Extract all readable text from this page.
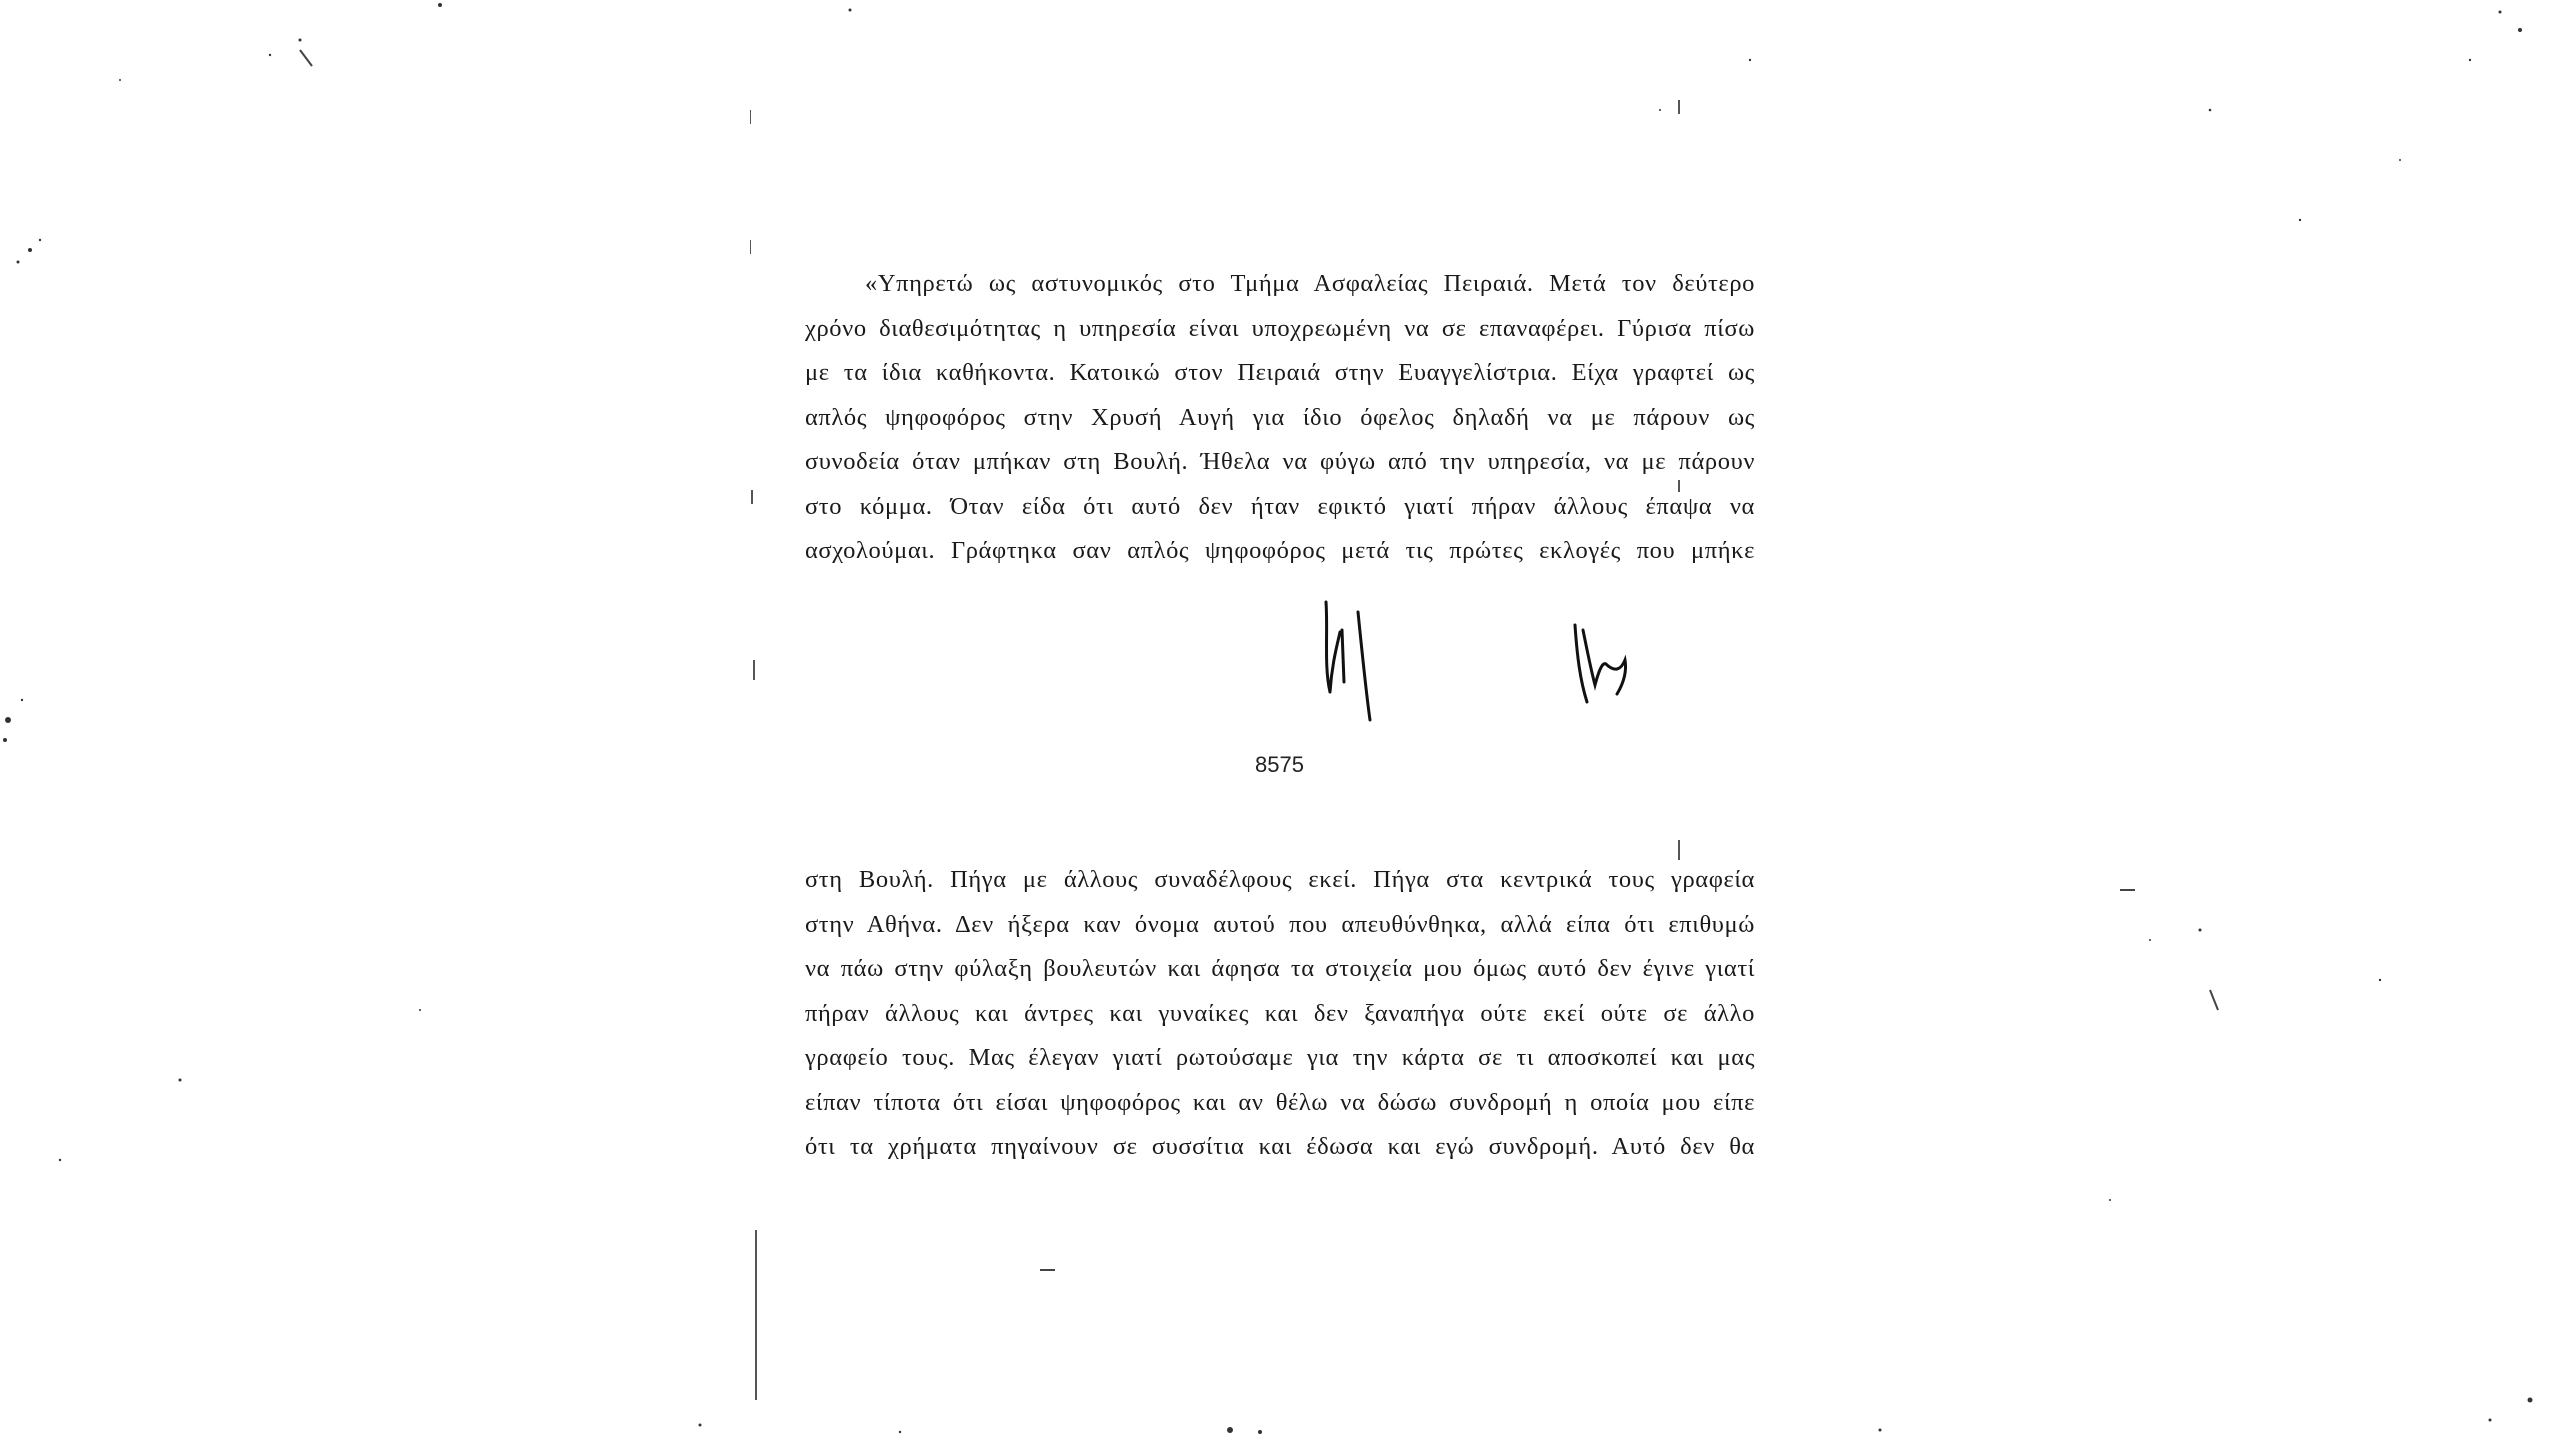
«Υπηρετώ ως αστυνομικός στο Τμήμα Ασφαλείας Πειραιά. Μετά τον δεύτερο
χρόνο διαθεσιμότητας η υπηρεσία είναι υποχρεωμένη να σε επαναφέρει. Γύρισα πίσω
με τα ίδια καθήκοντα. Κατοικώ στον Πειραιά στην Ευαγγελίστρια. Είχα γραφτεί ως
απλός ψηφοφόρος στην Χρυσή Αυγή για ίδιο όφελος δηλαδή να με πάρουν ως
συνοδεία όταν μπήκαν στη Βουλή. Ήθελα να φύγω από την υπηρεσία, να με πάρουν
στο κόμμα. Όταν είδα ότι αυτό δεν ήταν εφικτό γιατί πήραν άλλους έπαψα να
ασχολούμαι. Γράφτηκα σαν απλός ψηφοφόρος μετά τις πρώτες εκλογές που μπήκε
8575
στη Βουλή. Πήγα με άλλους συναδέλφους εκεί. Πήγα στα κεντρικά τους γραφεία
στην Αθήνα. Δεν ήξερα καν όνομα αυτού που απευθύνθηκα, αλλά είπα ότι επιθυμώ
να πάω στην φύλαξη βουλευτών και άφησα τα στοιχεία μου όμως αυτό δεν έγινε γιατί
πήραν άλλους και άντρες και γυναίκες και δεν ξαναπήγα ούτε εκεί ούτε σε άλλο
γραφείο τους. Μας έλεγαν γιατί ρωτούσαμε για την κάρτα σε τι αποσκοπεί και μας
είπαν τίποτα ότι είσαι ψηφοφόρος και αν θέλω να δώσω συνδρομή η οποία μου είπε
ότι τα χρήματα πηγαίνουν σε συσσίτια και έδωσα και εγώ συνδρομή. Αυτό δεν θα
